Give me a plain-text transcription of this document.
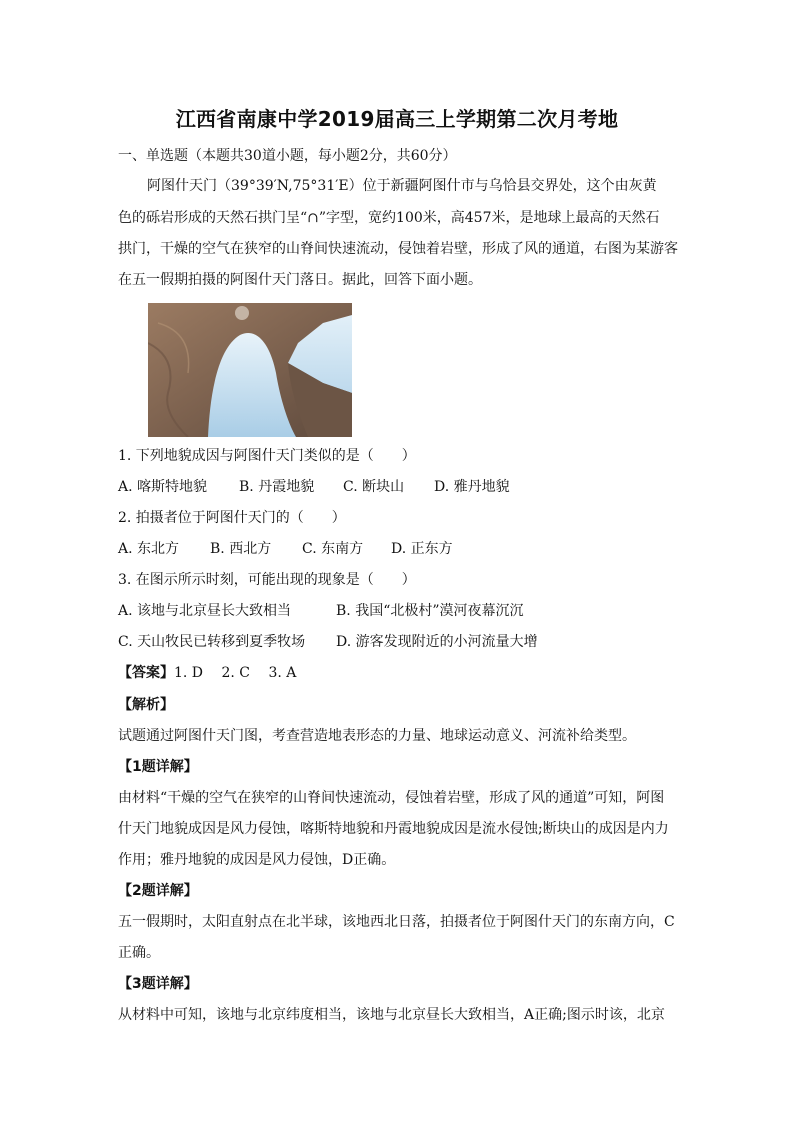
江西省南康中学2019届高三上学期第二次月考地
一、单选题（本题共30道小题，每小题2分，共60分）
阿图什天门（39°39′N,75°31′E）位于新疆阿图什市与乌恰县交界处，这个由灰黄
色的砾岩形成的天然石拱门呈“∩”字型，宽约100米，高457米，是地球上最高的天然石
拱门，干燥的空气在狭窄的山脊间快速流动，侵蚀着岩壁，形成了风的通道，右图为某游客
在五一假期拍摄的阿图什天门落日。据此，回答下面小题。
1. 下列地貌成因与阿图什天门类似的是（　　）
A. 喀斯特地貌 B. 丹霞地貌 C. 断块山 D. 雅丹地貌
2. 拍摄者位于阿图什天门的（　　）
A. 东北方 B. 西北方 C. 东南方 D. 正东方
3. 在图示所示时刻，可能出现的现象是（　　）
A. 该地与北京昼长大致相当	B. 我国“北极村”漠河夜幕沉沉
C. 天山牧民已转移到夏季牧场 D. 游客发现附近的小河流量大增
【答案】1. D　 2. C　 3. A
【解析】
试题通过阿图什天门图，考查营造地表形态的力量、地球运动意义、河流补给类型。
【1题详解】
由材料“干燥的空气在狭窄的山脊间快速流动，侵蚀着岩壁，形成了风的通道”可知，阿图
什天门地貌成因是风力侵蚀，喀斯特地貌和丹霞地貌成因是流水侵蚀;断块山的成因是内力
作用；雅丹地貌的成因是风力侵蚀，D正确。
【2题详解】
五一假期时，太阳直射点在北半球，该地西北日落，拍摄者位于阿图什天门的东南方向，C
正确。
【3题详解】
从材料中可知，该地与北京纬度相当，该地与北京昼长大致相当，A正确;图示时该，北京
